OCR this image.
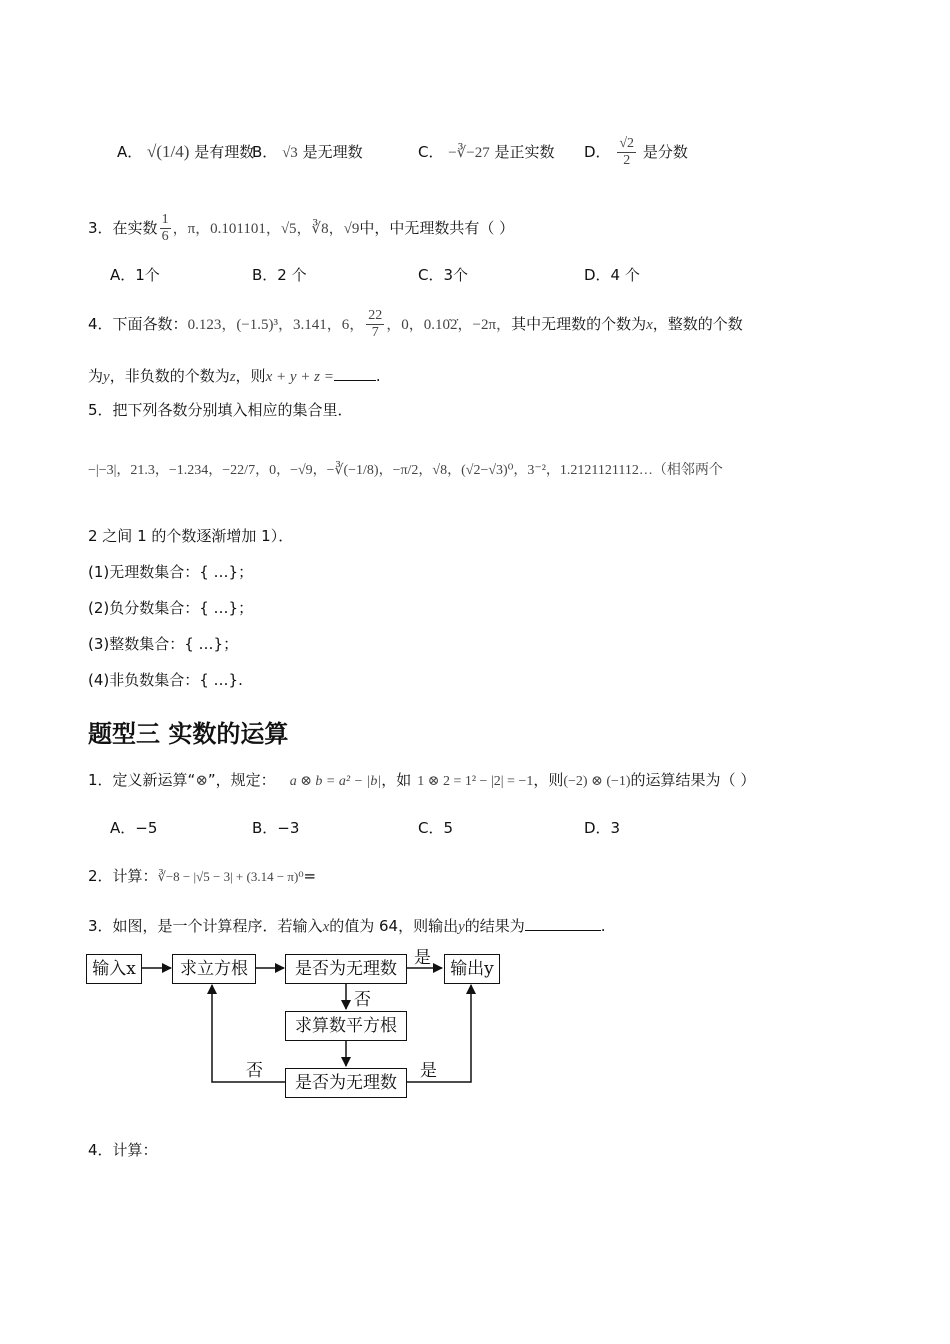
A． √(1/4) 是有理数
B． √3 是无理数	C． −∛−27 是正实数 D． $\frac{√2}{2}$ 是分数
3．在实数 $\frac{1}{6}$ ，π，0.101101，√5，∛8，√9中，中无理数共有（ ）
A．1个	B．2 个	C．3个	D．4 个
4．下面各数：0.123，(−1.5)³，3.141，6， $\frac{22}{7}$ ，0，0.10̇2̇，−2π，其中无理数的个数为x，整数的个数
为y，非负数的个数为z，则x + y + z =	.
5．把下列各数分别填入相应的集合里．
−|−3|，21.3，−1.234，−22/7，0，−√9，−∛(−1/8)，−π/2，√8，(√2−√3)⁰，3⁻²，1.2121121112…（相邻两个
2 之间 1 的个数逐渐增加 1）．
(1)无理数集合：{ …}；
(2)负分数集合：{ …}；
(3)整数集合：{ …}；
(4)非负数集合：{ …}.
题型三 实数的运算
1．定义新运算“⊗”，规定： a ⊗ b = a² − |b|，如 1 ⊗ 2 = 1² − |2| = −1，则(−2) ⊗ (−1)的运算结果为（ ）
A．−5	B．−3	C．5	D．3
2．计算：∛−8 − |√5 − 3| + (3.14 − π)⁰=
3．如图，是一个计算程序．若输入x的值为 64，则输出y的结果为	.
输入x	求立方根	是否为无理数	输出y
求算数平方根
是否为无理数
是
否
否	是
4．计算：
